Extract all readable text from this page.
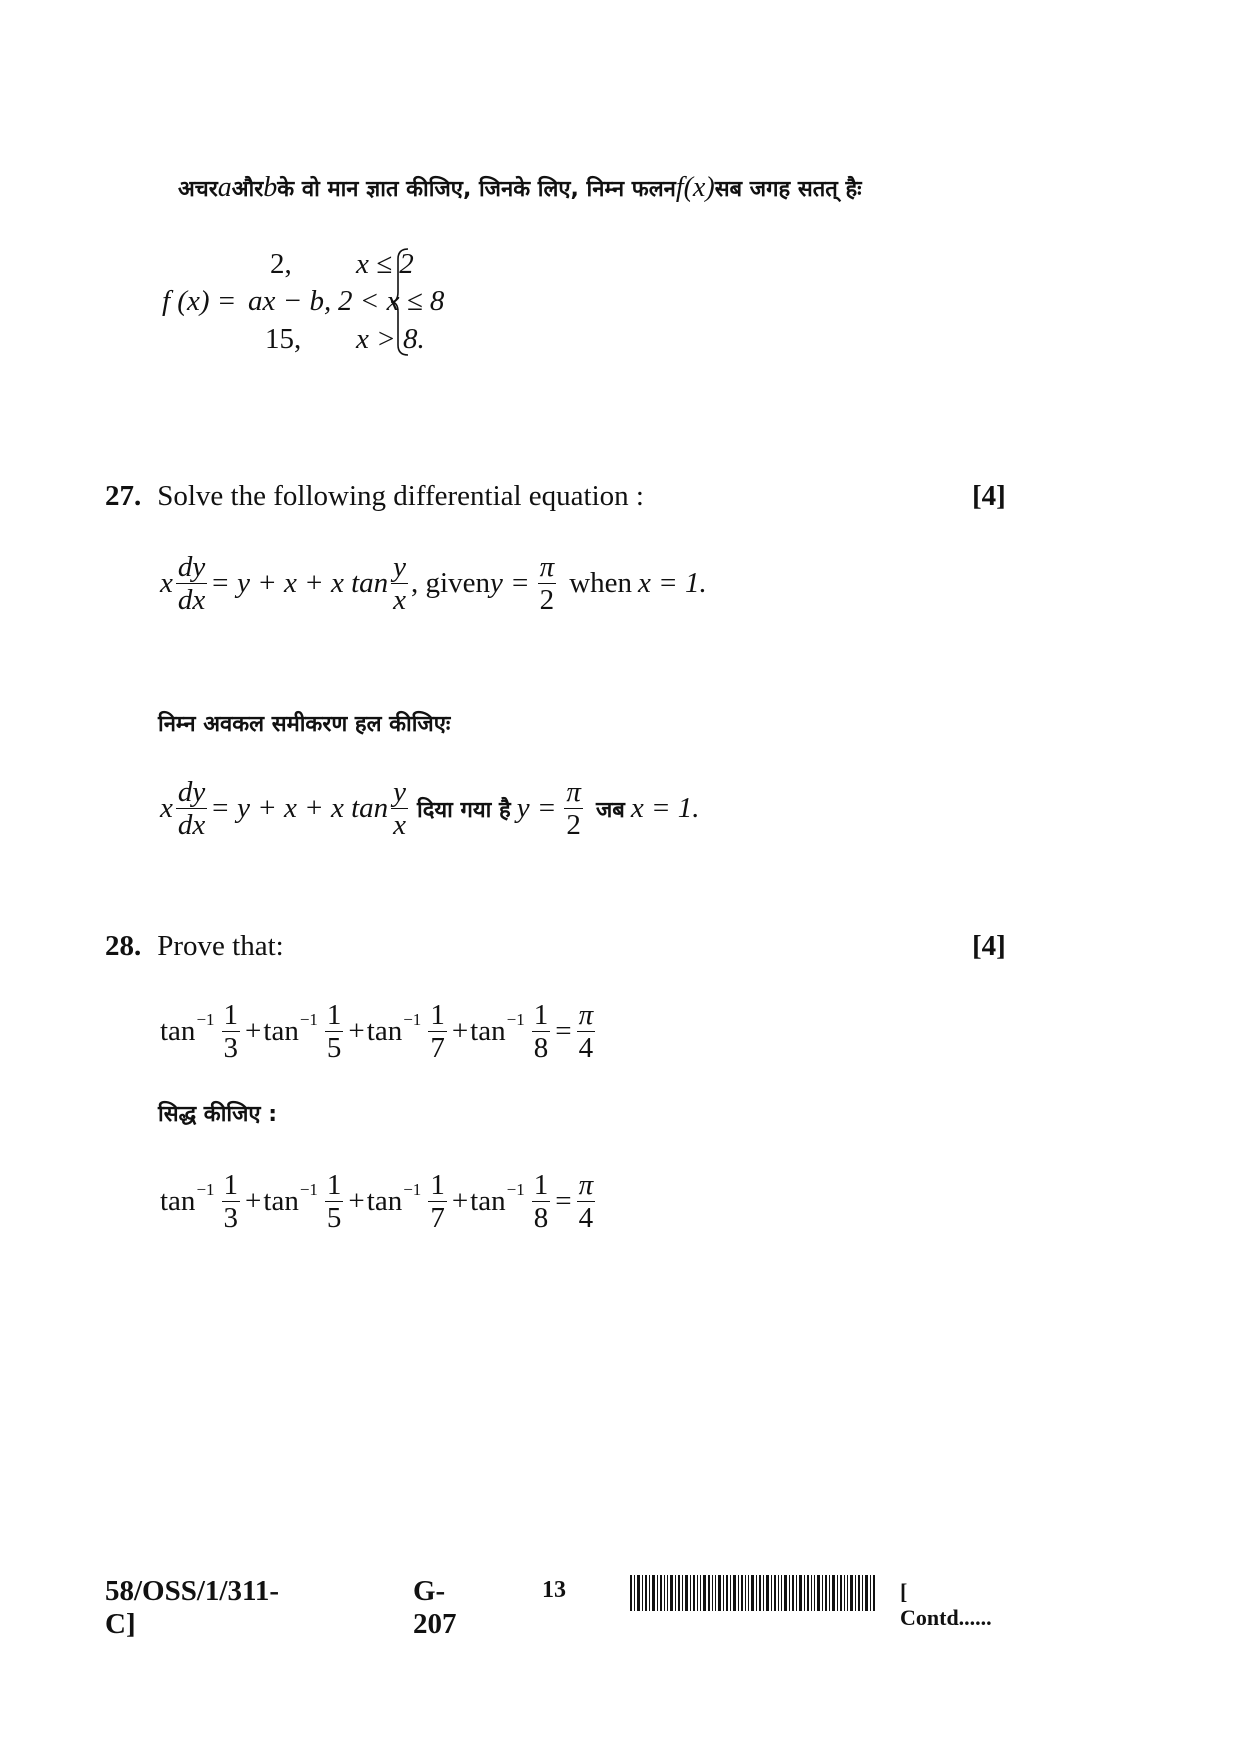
अचर a और b के वो मान ज्ञात कीजिए, जिनके लिए, निम्न फलन f(x) सब जगह सतत् हैः
f (x) =
2, x ≤ 2
ax − b, 2 < x ≤ 8
15, x > 8.
27. Solve the following differential equation :	[4]
x $\frac{dy}{dx} = y + x + x$ $\tan \frac{y}{x}$ , given $y = \frac{\pi}{2}$ when x = 1.
निम्न अवकल समीकरण हल कीजिएः
x $\frac{dy}{dx} = y + x + x$ $\tan \frac{y}{x}$ दिया गया है $y = \frac{\pi}{2}$ जब x = 1.
28. Prove that:	[4]
$\tan -1 \frac{1}{3} + \tan -1 \frac{1}{5} + \tan -1 \frac{1}{7} + \tan -1 \frac{1}{8} = \frac{\pi}{4}$
सिद्ध कीजिए :
$\tan -1 \frac{1}{3} + \tan -1 \frac{1}{5} + \tan -1 \frac{1}{7} + \tan -1 \frac{1}{8} = \frac{\pi}{4}$
58/OSS/1/311-C]
G-207
13	[ Contd......
